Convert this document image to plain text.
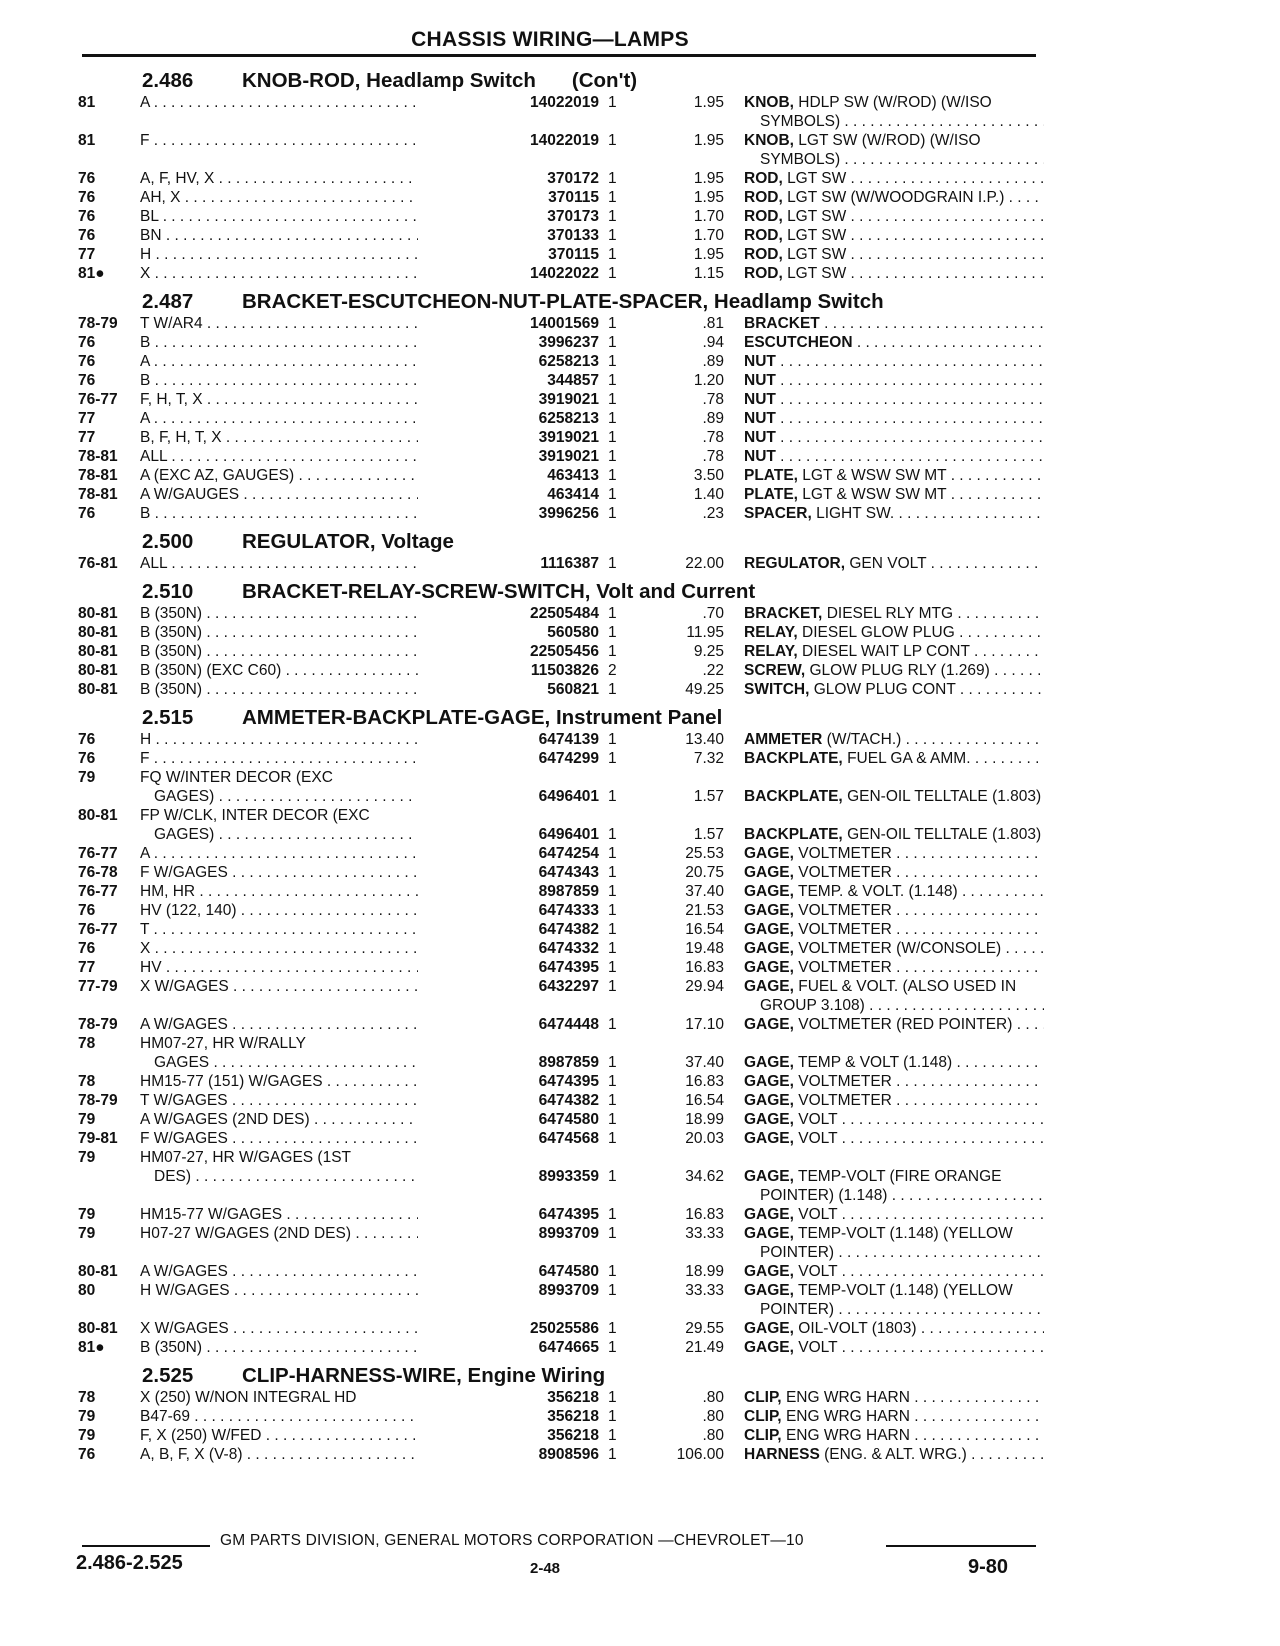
CHASSIS WIRING—LAMPS
2.486	KNOB-ROD, Headlamp Switch (Con't)
81	A . . .	14022019 1	1.95 KNOB, HDLP SW (W/ROD) (W/ISO
SYMBOLS) . . .
81	F . . .	14022019 1	1.95 KNOB, LGT SW (W/ROD) (W/ISO
SYMBOLS) . . .
76	A, F, HV, X . . .	370172 1	1.95 ROD, LGT SW . . .
76	AH, X . . .	370115 1	1.95 ROD, LGT SW (W/WOODGRAIN I.P.) . . .
76	BL . . .	370173 1	1.70 ROD, LGT SW . . .
76	BN . . .	370133 1	1.70 ROD, LGT SW . . .
77	H . . .	370115 1	1.95 ROD, LGT SW . . .
81● X . . .	14022022 1	1.15 ROD, LGT SW . . .
2.487	BRACKET-ESCUTCHEON-NUT-PLATE-SPACER, Headlamp Switch
78-79 T W/AR4 . . .	14001569 1	.81 BRACKET . . .
76	B . . .	3996237 1	.94 ESCUTCHEON . . .
76	A . . .	6258213 1	.89 NUT . . .
76	B . . .	344857 1	1.20 NUT . . .
76-77 F, H, T, X . . .	3919021 1	.78 NUT . . .
77	A . . .	6258213 1	.89 NUT . . .
77	B, F, H, T, X . . .	3919021 1	.78 NUT . . .
78-81 ALL . . .	3919021 1	.78 NUT . . .
78-81 A (EXC AZ, GAUGES) . . .	463413 1	3.50 PLATE, LGT & WSW SW MT . . .
78-81 A W/GAUGES . . .	463414 1	1.40 PLATE, LGT & WSW SW MT . . .
76	B . . .	3996256 1	.23 SPACER, LIGHT SW. . . .
2.500	REGULATOR, Voltage
76-81 ALL . . .	1116387 1	22.00 REGULATOR, GEN VOLT . . .
2.510	BRACKET-RELAY-SCREW-SWITCH, Volt and Current
80-81 B (350N) . . .	22505484 1	.70 BRACKET, DIESEL RLY MTG . . .
80-81 B (350N) . . .	560580 1	11.95 RELAY, DIESEL GLOW PLUG . . .
80-81 B (350N) . . .	22505456 1	9.25 RELAY, DIESEL WAIT LP CONT . . .
80-81 B (350N) (EXC C60) . . .	11503826 2	.22 SCREW, GLOW PLUG RLY (1.269) . . .
80-81 B (350N) . . .	560821 1	49.25 SWITCH, GLOW PLUG CONT . . .
2.515	AMMETER-BACKPLATE-GAGE, Instrument Panel
76	H . . .	6474139 1	13.40 AMMETER (W/TACH.) . . .
76	F . . .	6474299 1	7.32 BACKPLATE, FUEL GA & AMM. . . .
79	FQ W/INTER DECOR (EXC
GAGES) . . .	6496401 1	1.57 BACKPLATE, GEN-OIL TELLTALE (1.803) . . .
80-81 FP W/CLK, INTER DECOR (EXC
GAGES) . . .	6496401 1	1.57 BACKPLATE, GEN-OIL TELLTALE (1.803) . . .
76-77 A . . .	6474254 1	25.53 GAGE, VOLTMETER . . .
76-78 F W/GAGES . . .	6474343 1	20.75 GAGE, VOLTMETER . . .
76-77 HM, HR . . .	8987859 1	37.40 GAGE, TEMP. & VOLT. (1.148) . . .
76	HV (122, 140) . . .	6474333 1	21.53 GAGE, VOLTMETER . . .
76-77 T . . .	6474382 1	16.54 GAGE, VOLTMETER . . .
76	X . . .	6474332 1	19.48 GAGE, VOLTMETER (W/CONSOLE) . . .
77	HV . . .	6474395 1	16.83 GAGE, VOLTMETER . . .
77-79 X W/GAGES . . .	6432297 1	29.94 GAGE, FUEL & VOLT. (ALSO USED IN
GROUP 3.108) . . .
78-79 A W/GAGES . . .	6474448 1	17.10 GAGE, VOLTMETER (RED POINTER) . . .
78	HM07-27, HR W/RALLY
GAGES . . .	8987859 1	37.40 GAGE, TEMP & VOLT (1.148) . . .
78	HM15-77 (151) W/GAGES . . .	6474395 1	16.83 GAGE, VOLTMETER . . .
78-79 T W/GAGES . . .	6474382 1	16.54 GAGE, VOLTMETER . . .
79	A W/GAGES (2ND DES) . . .	6474580 1	18.99 GAGE, VOLT . . .
79-81 F W/GAGES . . .	6474568 1	20.03 GAGE, VOLT . . .
79	HM07-27, HR W/GAGES (1ST
DES) . . .	8993359 1	34.62 GAGE, TEMP-VOLT (FIRE ORANGE
POINTER) (1.148) . . .
79	HM15-77 W/GAGES . . .	6474395 1	16.83 GAGE, VOLT . . .
79	H07-27 W/GAGES (2ND DES) . . .	8993709 1	33.33 GAGE, TEMP-VOLT (1.148) (YELLOW
POINTER) . . .
80-81 A W/GAGES . . .	6474580 1	18.99 GAGE, VOLT . . .
80	H W/GAGES . . .	8993709 1	33.33 GAGE, TEMP-VOLT (1.148) (YELLOW
POINTER) . . .
80-81 X W/GAGES . . .	25025586 1	29.55 GAGE, OIL-VOLT (1803) . . .
81● B (350N) . . .	6474665 1	21.49 GAGE, VOLT . . .
2.525	CLIP-HARNESS-WIRE, Engine Wiring
78	X (250) W/NON INTEGRAL HD	356218 1	.80 CLIP, ENG WRG HARN . . .
79	B47-69 . . .	356218 1	.80 CLIP, ENG WRG HARN . . .
79	F, X (250) W/FED . . .	356218 1	.80 CLIP, ENG WRG HARN . . .
76	A, B, F, X (V-8) . . .	8908596 1	106.00 HARNESS (ENG. & ALT. WRG.) . . .
GM PARTS DIVISION, GENERAL MOTORS CORPORATION —CHEVROLET—10
2.486-2.525	2-48	9-80
